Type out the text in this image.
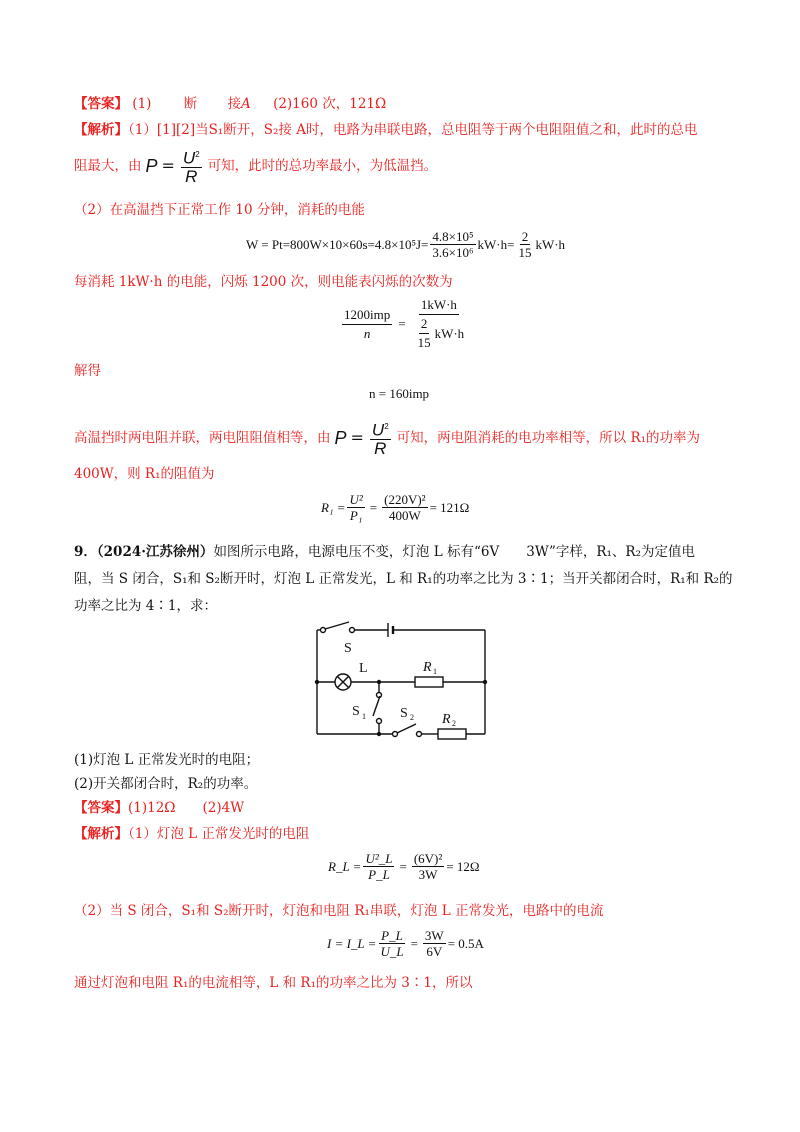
【答案】 (1) 断 接A (2)160 次，121Ω
【解析】（1）[1][2]当S₁断开，S₂接 A时，电路为串联电路，总电阻等于两个电阻阻值之和，此时的总电
阻最大，由 $P = \frac{U^2}{R}$ 可知，此时的总功率最小，为低温挡。
（2）在高温挡下正常工作 10 分钟，消耗的电能
$W = Pt=800W\times 10\times 60s=4.8\times 10^5J= \frac{\text{4.8×10⁵}}{\text{3.6×10⁶}} kW\cdot h= \frac{2}{15} kW\cdot h$
每消耗 1kW·h 的电能，闪烁 1200 次，则电能表闪烁的次数为
$\frac{\text{1200imp}}{n} = \frac{1kW\cdot h}{\frac{2}{15} kW\cdot h}$
解得
n = 160imp
高温挡时两电阻并联，两电阻阻值相等，由 $P = \frac{U^2}{R}$ 可知，两电阻消耗的电功率相等，所以 R₁的功率为
400W，则 R₁的阻值为
$R_1 = \frac{\text{U²}}{\text{P₁}} = \frac{\text{(220V)²}}{400W} = 121\Omega$
9．（2024·江苏徐州）如图所示电路，电源电压不变，灯泡 L 标有“6V　　3W”字样，R₁、R₂为定值电
阻，当 S 闭合，S₁和 S₂断开时，灯泡 L 正常发光，L 和 R₁的功率之比为 3∶1；当开关都闭合时，R₁和 R₂的
功率之比为 4∶1，求：
S
L	R 1
S 1 S 2 R 2
(1)灯泡 L 正常发光时的电阻；
(2)开关都闭合时，R₂的功率。
【答案】(1)12Ω　　(2)4W
【解析】（1）灯泡 L 正常发光时的电阻
R_L = $\frac{\text{U²\_L}}{P\_L} = \frac{\text{(6V)²}}{3W} = 12\Omega$
（2）当 S 闭合，S₁和 S₂断开时，灯泡和电阻 R₁串联，灯泡 L 正常发光，电路中的电流
I = I_L = $\frac{P\_L}{U\_L} = \frac{3W}{6V} = 0.5A$
通过灯泡和电阻 R₁的电流相等，L 和 R₁的功率之比为 3∶1，所以
